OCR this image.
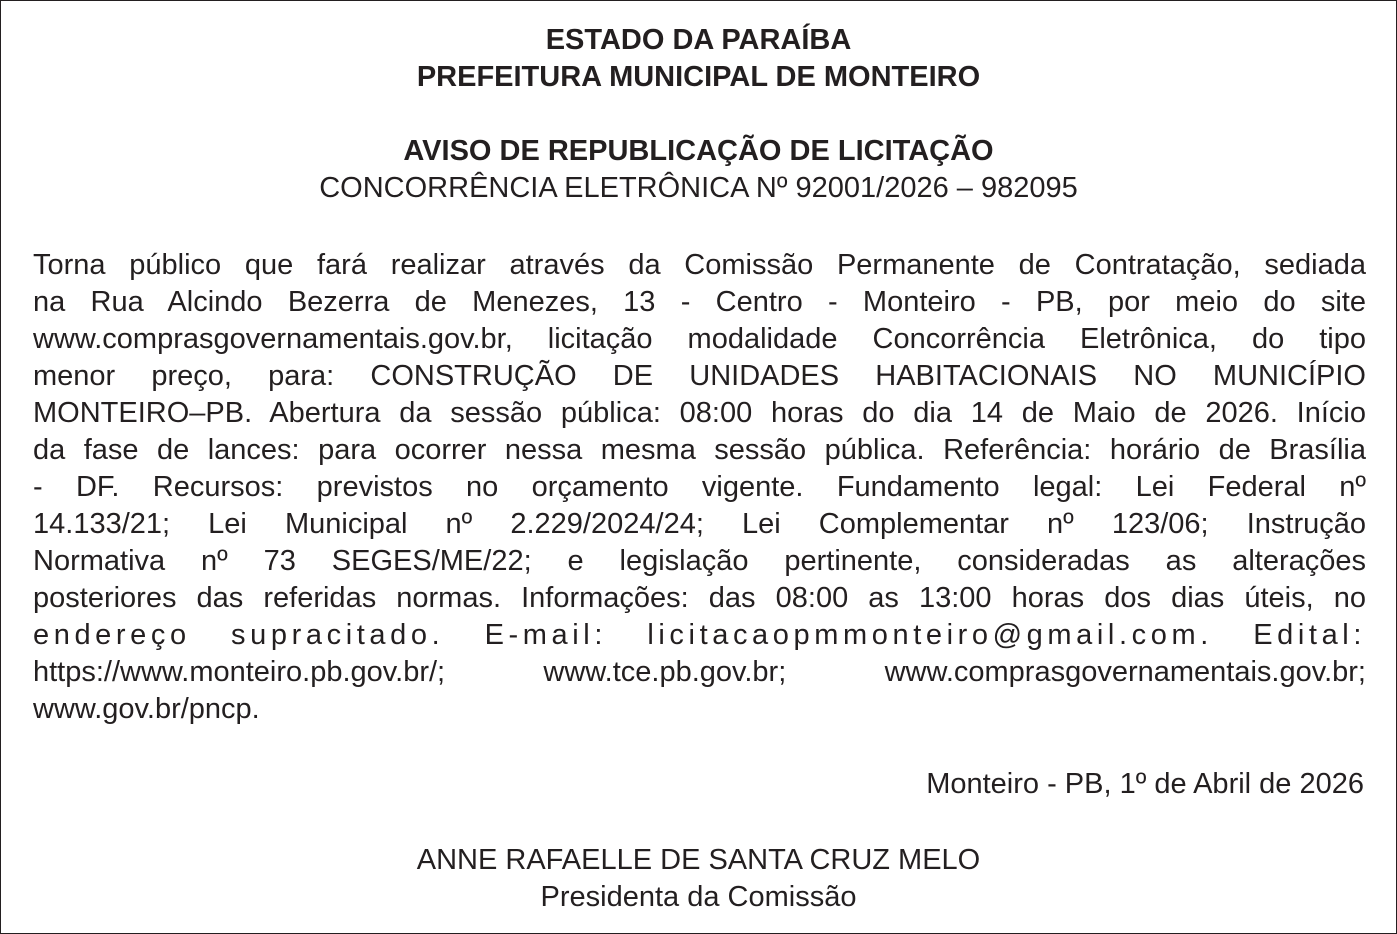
ESTADO DA PARAÍBA
PREFEITURA MUNICIPAL DE MONTEIRO
AVISO DE REPUBLICAÇÃO DE LICITAÇÃO
CONCORRÊNCIA ELETRÔNICA Nº 92001/2026 – 982095
Torna público que fará realizar através da Comissão Permanente de Contratação, sediada
na Rua Alcindo Bezerra de Menezes, 13 - Centro - Monteiro - PB, por meio do site
www.comprasgovernamentais.gov.br, licitação modalidade Concorrência Eletrônica, do tipo
menor preço, para: CONSTRUÇÃO DE UNIDADES HABITACIONAIS NO MUNICÍPIO
MONTEIRO–PB. Abertura da sessão pública: 08:00 horas do dia 14 de Maio de 2026. Início
da fase de lances: para ocorrer nessa mesma sessão pública. Referência: horário de Brasília
- DF. Recursos: previstos no orçamento vigente. Fundamento legal: Lei Federal nº
14.133/21; Lei Municipal nº 2.229/2024/24; Lei Complementar nº 123/06; Instrução
Normativa nº 73 SEGES/ME/22; e legislação pertinente, consideradas as alterações
posteriores das referidas normas. Informações: das 08:00 as 13:00 horas dos dias úteis, no
endereço supracitado. E-mail: licitacaopmmonteiro@gmail.com. Edital:
https://www.monteiro.pb.gov.br/; www.tce.pb.gov.br; www.comprasgovernamentais.gov.br;
www.gov.br/pncp.
Monteiro - PB, 1º de Abril de 2026
ANNE RAFAELLE DE SANTA CRUZ MELO
Presidenta da Comissão
